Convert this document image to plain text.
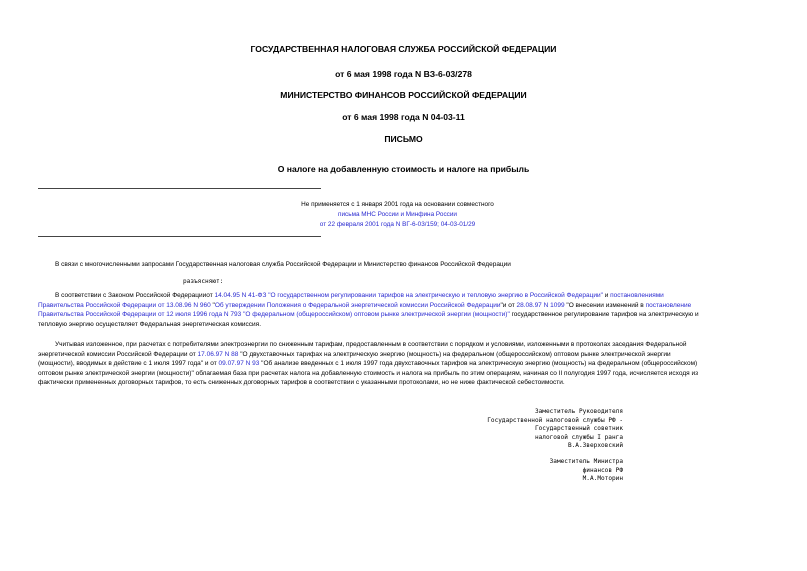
ГОСУДАРСТВЕННАЯ НАЛОГОВАЯ СЛУЖБА РОССИЙСКОЙ ФЕДЕРАЦИИ
от 6 мая 1998 года N ВЗ-6-03/278
МИНИСТЕРСТВО ФИНАНСОВ РОССИЙСКОЙ ФЕДЕРАЦИИ
от 6 мая 1998 года N 04-03-11
ПИСЬМО
О налоге на добавленную стоимость и налоге на прибыль
Не применяется с 1 января 2001 года на основании совместного
письма МНС России и Минфина России
от 22 февраля 2001 года N ВГ-6-03/159; 04-03-01/29
В связи с многочисленными запросами Государственная налоговая служба Российской Федерации и Министерство финансов Российской Федерации
разъясняют:
В соответствии с Законом Российской Федерацииот 14.04.95 N 41-ФЗ "О государственном регулировании тарифов на электрическую и тепловую энергию в Российской Федерации" и постановлениями
Правительства Российской Федерации от 13.08.96 N 960 "Об утверждении Положения о Федеральной энергетической комиссии Российской Федерации"и от 28.08.97 N 1099 "О внесении изменений в постановление
Правительства Российской Федерации от 12 июля 1996 года N 793 "О федеральном (общероссийском) оптовом рынке электрической энергии (мощности)" государственное регулирование тарифов на электрическую и
тепловую энергию осуществляет Федеральная энергетическая комиссия.
Учитывая изложенное, при расчетах с потребителями электроэнергии по сниженным тарифам, предоставленным в соответствии с порядком и условиями, изложенными в протоколах заседания Федеральной
энергетической комиссии Российской Федерации от 17.06.97 N 88 "О двухставочных тарифах на электрическую энергию (мощность) на федеральном (общероссийском) оптовом рынке электрической энергии
(мощности), вводимых в действие с 1 июля 1997 года" и от 09.07.97 N 93 "Об анализе введенных с 1 июля 1997 года двухставочных тарифов на электрическую энергию (мощность) на федеральном (общероссийском)
оптовом рынке электрической энергии (мощности)" облагаемая база при расчетах налога на добавленную стоимость и налога на прибыль по этим операциям, начиная со II полугодия 1997 года, исчисляется исходя из
фактически примененных договорных тарифов, то есть сниженных договорных тарифов в соответствии с указанными протоколами, но не ниже фактической себестоимости.
Заместитель Руководителя
Государственной налоговой службы РФ -
Государственный советник
налоговой службы I ранга
В.А.Зверховский
Заместитель Министра
финансов РФ
М.А.Моторин
